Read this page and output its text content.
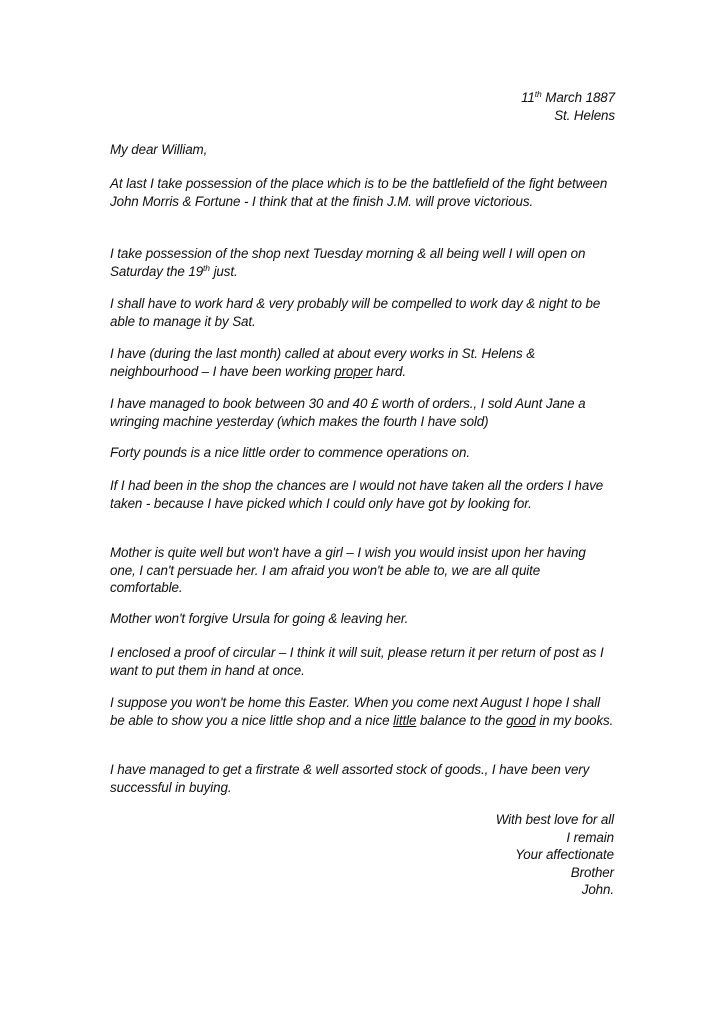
11th March 1887
St. Helens
My dear William,

At last I take possession of the place which is to be the battlefield of the fight between John Morris & Fortune - I think that at the finish J.M. will prove victorious.

I take possession of the shop next Tuesday morning & all being well I will open on Saturday the 19th just.

I shall have to work hard & very probably will be compelled to work day & night to be able to manage it by Sat.

I have (during the last month) called at about every works in St. Helens & neighbourhood – I have been working proper hard.

I have managed to book between 30 and 40 £ worth of orders., I sold Aunt Jane a wringing machine yesterday (which makes the fourth I have sold)

Forty pounds is a nice little order to commence operations on.

If I had been in the shop the chances are I would not have taken all the orders I have taken - because I have picked which I could only have got by looking for.

Mother is quite well but won't have a girl – I wish you would insist upon her having one, I can't persuade her. I am afraid you won't be able to, we are all quite comfortable.

Mother won't forgive Ursula for going & leaving her.

I enclosed a proof of circular – I think it will suit, please return it per return of post as I want to put them in hand at once.

I suppose you won't be home this Easter. When you come next August I hope I shall be able to show you a nice little shop and a nice little balance to the good in my books.

I have managed to get a firstrate & well assorted stock of goods., I have been very successful in buying.

With best love for all
I remain
Your affectionate
Brother
John.
